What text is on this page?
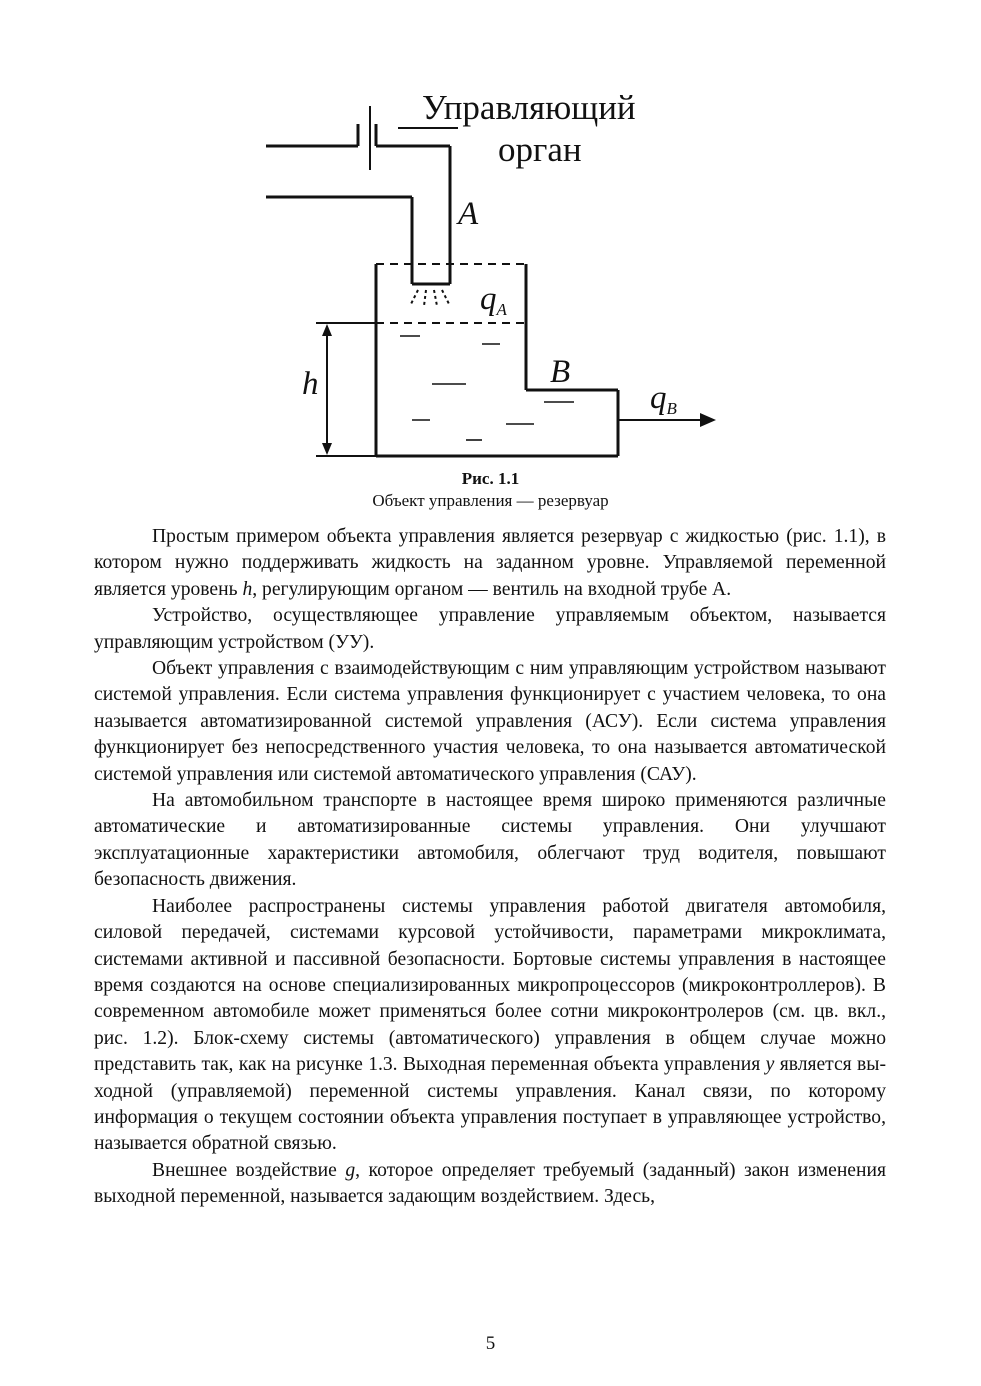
Управляющий
орган
A
qA
B
qB
h
Рис. 1.1
Объект управления — резервуар

Простым примером объекта управления является резервуар с жидкостью (рис. 1.1), в котором нужно поддерживать жидкость на заданном уровне. Управляемой переменной является уровень h, регулирующим органом — вентиль на входной трубе А.

Устройство, осуществляющее управление управляемым объектом, называется управляющим устройством (УУ).

Объект управления с взаимодействующим с ним управляющим устройством называют системой управления. Если система управления функционирует с участием человека, то она называется автоматизированной системой управления (АСУ). Если система управления функционирует без непосредственного участия человека, то она называется автоматической системой управления или системой автоматического управления (САУ).

На автомобильном транспорте в настоящее время широко применяются различные автоматические и автоматизированные системы управления. Они улучшают эксплуатационные характеристики автомобиля, облегчают труд водителя, повышают безопасность движения.

Наиболее распространены системы управления работой двигателя автомобиля, силовой передачей, системами курсовой устойчивости, параметрами микроклимата, системами активной и пассивной безопасности. Бортовые системы управления в настоящее время создаются на основе специализированных микропроцессоров (микроконтроллеров). В современном автомобиле может применяться более сотни микроконтролеров (см. цв. вкл., рис. 1.2). Блок-схему системы (автоматического) управления в общем случае можно представить так, как на рисунке 1.3. Выходная переменная объекта управления y является выходной (управляемой) переменной системы управления. Канал связи, по которому информация о текущем состоянии объекта управления поступает в управляющее устройство, называется обратной связью.

Внешнее воздействие g, которое определяет требуемый (заданный) закон изменения выходной переменной, называется задающим воздействием. Здесь,

5
